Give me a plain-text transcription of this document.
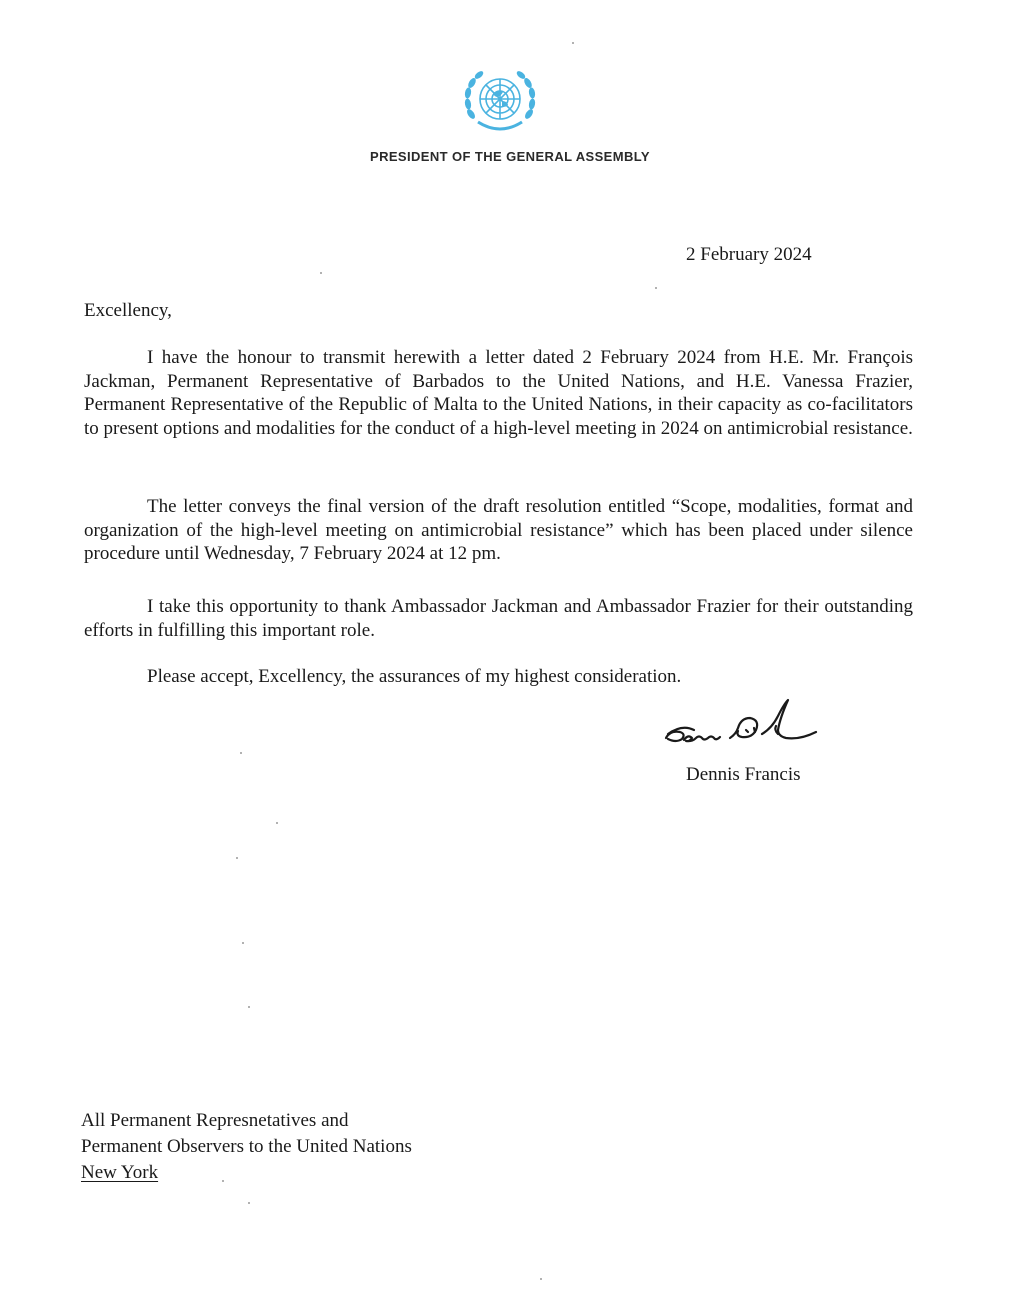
PRESIDENT OF THE GENERAL ASSEMBLY
2 February 2024
Excellency,

I have the honour to transmit herewith a letter dated 2 February 2024 from H.E. Mr. François Jackman, Permanent Representative of Barbados to the United Nations, and H.E. Vanessa Frazier, Permanent Representative of the Republic of Malta to the United Nations, in their capacity as co-facilitators to present options and modalities for the conduct of a high-level meeting in 2024 on antimicrobial resistance.

The letter conveys the final version of the draft resolution entitled “Scope, modalities, format and organization of the high-level meeting on antimicrobial resistance” which has been placed under silence procedure until Wednesday, 7 February 2024 at 12 pm.

I take this opportunity to thank Ambassador Jackman and Ambassador Frazier for their outstanding efforts in fulfilling this important role.

Please accept, Excellency, the assurances of my highest consideration.
Dennis Francis
All Permanent Represnetatives and
Permanent Observers to the United Nations
New York
